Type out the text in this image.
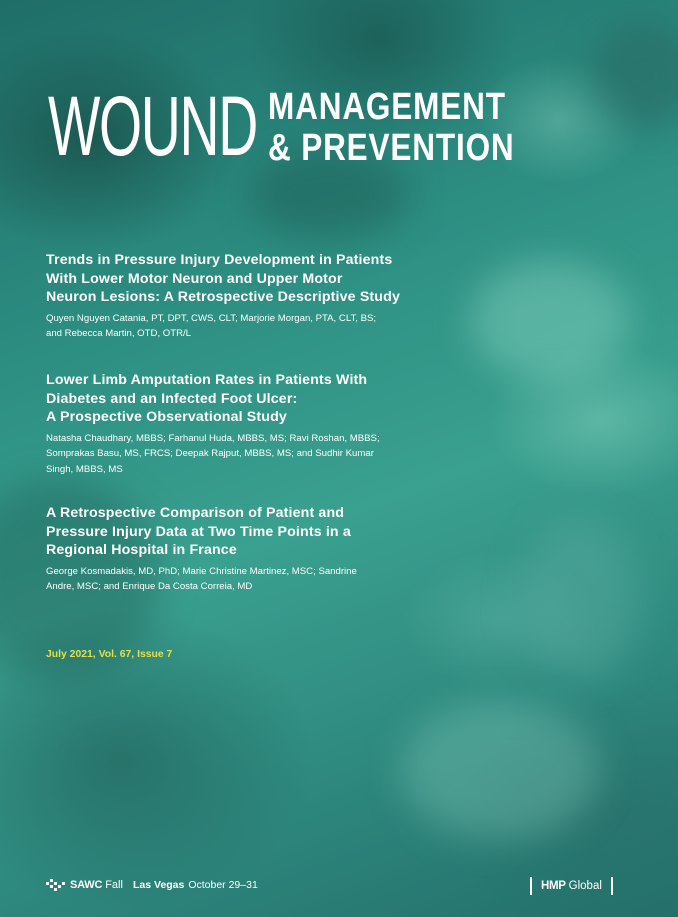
WOUND MANAGEMENT
& PREVENTION
Trends in Pressure Injury Development in Patients
With Lower Motor Neuron and Upper Motor
Neuron Lesions: A Retrospective Descriptive Study
Quyen Nguyen Catania, PT, DPT, CWS, CLT; Marjorie Morgan, PTA, CLT, BS;
and Rebecca Martin, OTD, OTR/L
Lower Limb Amputation Rates in Patients With
Diabetes and an Infected Foot Ulcer:
A Prospective Observational Study
Natasha Chaudhary, MBBS; Farhanul Huda, MBBS, MS; Ravi Roshan, MBBS;
Somprakas Basu, MS, FRCS; Deepak Rajput, MBBS, MS; and Sudhir Kumar
Singh, MBBS, MS
A Retrospective Comparison of Patient and
Pressure Injury Data at Two Time Points in a
Regional Hospital in France
George Kosmadakis, MD, PhD; Marie Christine Martinez, MSC; Sandrine
Andre, MSC; and Enrique Da Costa Correia, MD
July 2021, Vol. 67, Issue 7
SAWC Fall Las Vegas October 29–31	HMP Global
